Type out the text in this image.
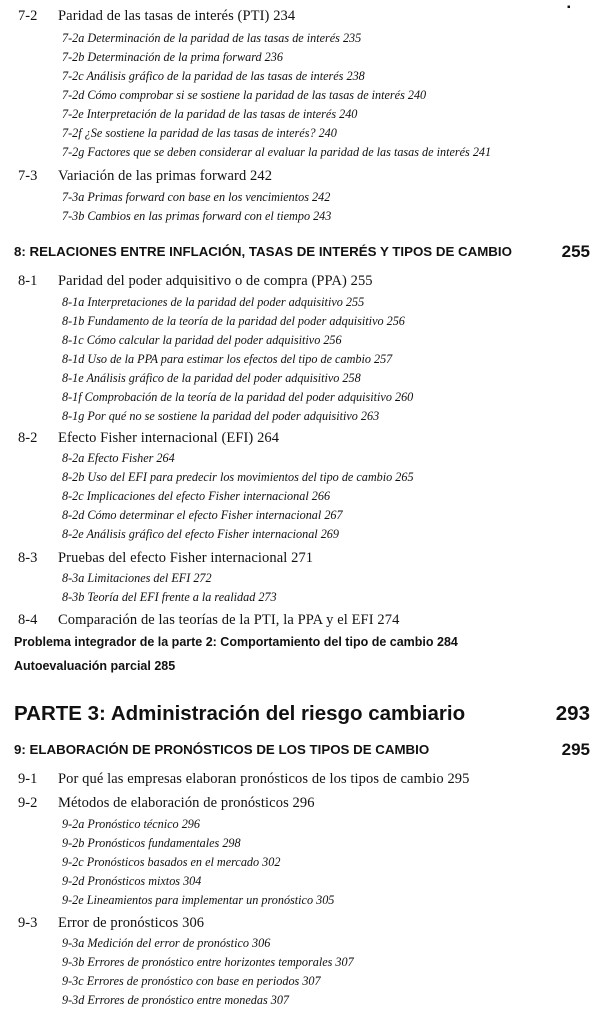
▪
7-2 Paridad de las tasas de interés (PTI) 234
7-2a Determinación de la paridad de las tasas de interés 235
7-2b Determinación de la prima forward 236
7-2c Análisis gráfico de la paridad de las tasas de interés 238
7-2d Cómo comprobar si se sostiene la paridad de las tasas de interés 240
7-2e Interpretación de la paridad de las tasas de interés 240
7-2f ¿Se sostiene la paridad de las tasas de interés? 240
7-2g Factores que se deben considerar al evaluar la paridad de las tasas de interés 241
7-3 Variación de las primas forward 242
7-3a Primas forward con base en los vencimientos 242
7-3b Cambios en las primas forward con el tiempo 243
8: RELACIONES ENTRE INFLACIÓN, TASAS DE INTERÉS Y TIPOS DE CAMBIO	255
8-1 Paridad del poder adquisitivo o de compra (PPA) 255
8-1a Interpretaciones de la paridad del poder adquisitivo 255
8-1b Fundamento de la teoría de la paridad del poder adquisitivo 256
8-1c Cómo calcular la paridad del poder adquisitivo 256
8-1d Uso de la PPA para estimar los efectos del tipo de cambio 257
8-1e Análisis gráfico de la paridad del poder adquisitivo 258
8-1f Comprobación de la teoría de la paridad del poder adquisitivo 260
8-1g Por qué no se sostiene la paridad del poder adquisitivo 263
8-2 Efecto Fisher internacional (EFI) 264
8-2a Efecto Fisher 264
8-2b Uso del EFI para predecir los movimientos del tipo de cambio 265
8-2c Implicaciones del efecto Fisher internacional 266
8-2d Cómo determinar el efecto Fisher internacional 267
8-2e Análisis gráfico del efecto Fisher internacional 269
8-3 Pruebas del efecto Fisher internacional 271
8-3a Limitaciones del EFI 272
8-3b Teoría del EFI frente a la realidad 273
8-4 Comparación de las teorías de la PTI, la PPA y el EFI 274
Problema integrador de la parte 2: Comportamiento del tipo de cambio 284
Autoevaluación parcial 285
PARTE 3: Administración del riesgo cambiario	293
9: ELABORACIÓN DE PRONÓSTICOS DE LOS TIPOS DE CAMBIO	295
9-1 Por qué las empresas elaboran pronósticos de los tipos de cambio 295
9-2 Métodos de elaboración de pronósticos 296
9-2a Pronóstico técnico 296
9-2b Pronósticos fundamentales 298
9-2c Pronósticos basados en el mercado 302
9-2d Pronósticos mixtos 304
9-2e Lineamientos para implementar un pronóstico 305
9-3 Error de pronósticos 306
9-3a Medición del error de pronóstico 306
9-3b Errores de pronóstico entre horizontes temporales 307
9-3c Errores de pronóstico con base en periodos 307
9-3d Errores de pronóstico entre monedas 307
